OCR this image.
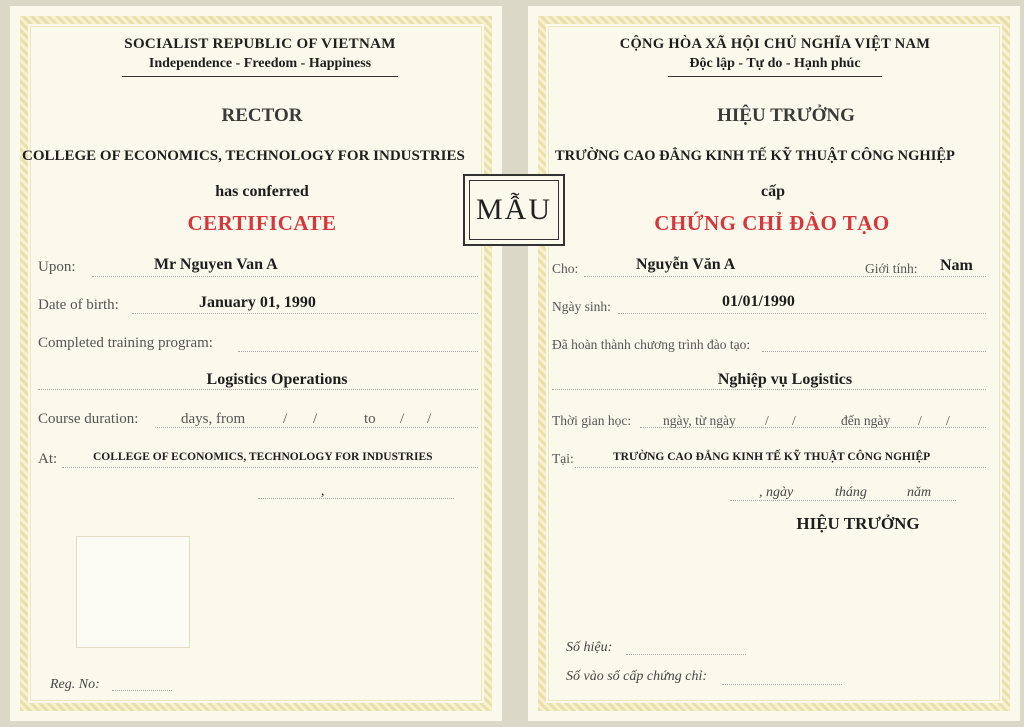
SOCIALIST REPUBLIC OF VIETNAM
Independence - Freedom - Happiness
RECTOR
COLLEGE OF ECONOMICS, TECHNOLOGY FOR INDUSTRIES
has conferred
CERTIFICATE
Upon:	Mr Nguyen Van A
Date of birth:	January 01, 1990
Completed training program:
Logistics Operations
Course duration:	days, from	/ /	to / /
At:	COLLEGE OF ECONOMICS, TECHNOLOGY FOR INDUSTRIES
,
Reg. No:
CỘNG HÒA XÃ HỘI CHỦ NGHĨA VIỆT NAM
Độc lập - Tự do - Hạnh phúc
HIỆU TRƯỞNG
TRƯỜNG CAO ĐẲNG KINH TẾ KỸ THUẬT CÔNG NGHIỆP
cấp
CHỨNG CHỈ ĐÀO TẠO
Cho:	Nguyễn Văn A	Giới tính: Nam
Ngày sinh:	01/01/1990
Đã hoàn thành chương trình đào tạo:
Nghiệp vụ Logistics
Thời gian học: ngày, từ ngày / /	đến ngày / /
Tại:	TRƯỜNG CAO ĐẲNG KINH TẾ KỸ THUẬT CÔNG NGHIỆP
, ngày	tháng	năm
HIỆU TRƯỞNG
Số hiệu:
Số vào sổ cấp chứng chỉ:
MẪU
